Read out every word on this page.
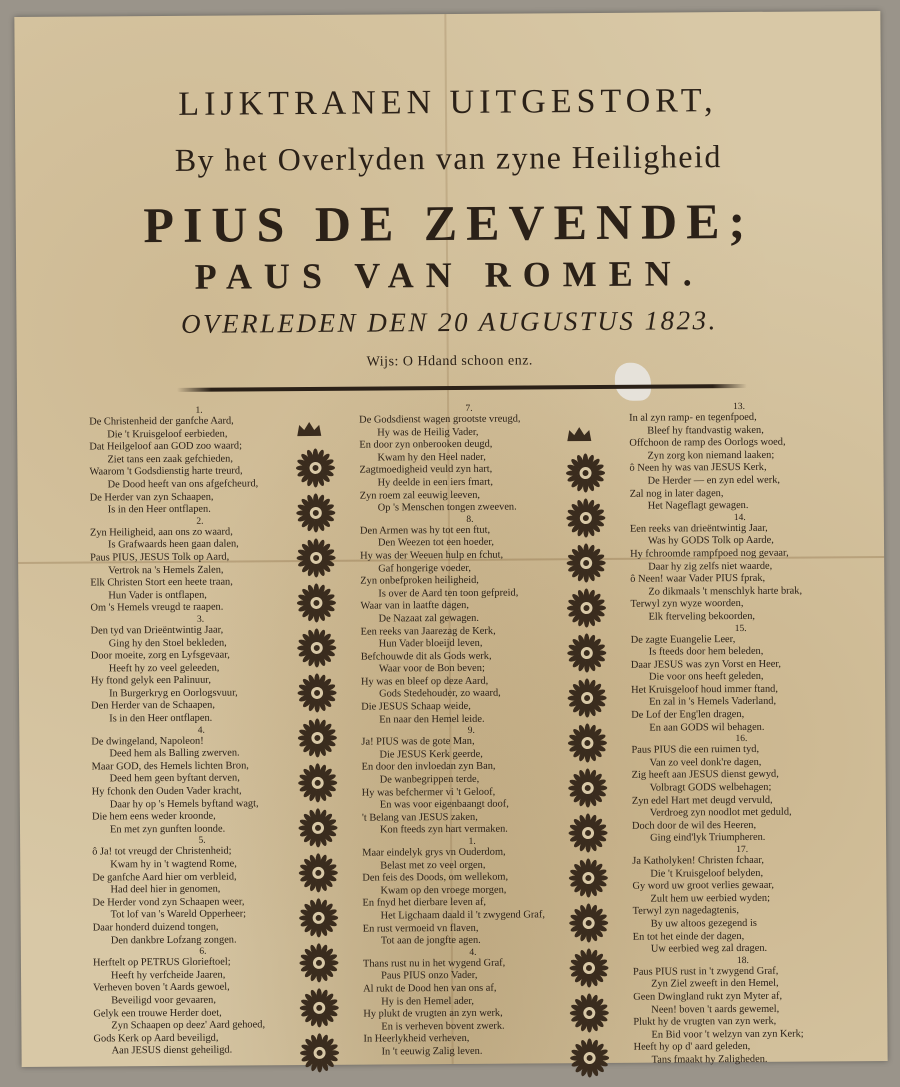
LIJKTRANEN UITGESTORT,
By het Overlyden van zyne Heiligheid
PIUS DE ZEVENDE;
PAUS VAN ROMEN.
OVERLEDEN DEN 20 AUGUSTUS 1823.
Wijs: O Hdand schoon enz.
1.
De Christenheid der ganfche Aard,
Die 't Kruisgeloof eerbieden,
Dat Heilgeloof aan GOD zoo waard;
Ziet tans een zaak gefchieden,
Waarom 't Godsdienstig harte treurd,
De Dood heeft van ons afgefcheurd,
De Herder van zyn Schaapen,
Is in den Heer ontflapen.
2.
Zyn Heiligheid, aan ons zo waard,
Is Grafwaards heen gaan dalen,
Paus PIUS, JESUS Tolk op Aard,
Vertrok na 's Hemels Zalen,
Elk Christen Stort een heete traan,
Hun Vader is ontflapen,
Om 's Hemels vreugd te raapen.
3.
Den tyd van Drieëntwintig Jaar,
Ging hy den Stoel bekleden,
Door moeite, zorg en Lyfsgevaar,
Heeft hy zo veel geleeden,
Hy ftond gelyk een Palinuur,
In Burgerkryg en Oorlogsvuur,
Den Herder van de Schaapen,
Is in den Heer ontflapen.
4.
De dwingeland, Napoleon!
Deed hem als Balling zwerven.
Maar GOD, des Hemels lichten Bron,
Deed hem geen byftant derven,
Hy fchonk den Ouden Vader kracht,
Daar hy op 's Hemels byftand wagt,
Die hem eens weder kroonde,
En met zyn gunften loonde.
5.
ô Ja! tot vreugd der Christenheid;
Kwam hy in 't wagtend Rome,
De ganfche Aard hier om verbleid,
Had deel hier in genomen,
De Herder vond zyn Schaapen weer,
Tot lof van 's Wareld Opperheer;
Daar honderd duizend tongen,
Den dankbre Lofzang zongen.
6.
Herftelt op PETRUS Glorieftoel;
Heeft hy verfcheide Jaaren,
Verheven boven 't Aards gewoel,
Beveiligd voor gevaaren,
Gelyk een trouwe Herder doet,
Zyn Schaapen op deez' Aard gehoed,
Gods Kerk op Aard beveiligd,
Aan JESUS dienst geheiligd.
7.
De Godsdienst wagen grootste vreugd,
Hy was de Heilig Vader,
En door zyn onberooken deugd,
Kwam hy den Heel nader,
Zagtmoedigheid veuld zyn hart,
Hy deelde in een iers fmart,
Zyn roem zal eeuwig leeven,
Op 's Menschen tongen zweeven.
8.
Den Armen was hy tot een ftut,
Den Weezen tot een hoeder,
Hy was der Weeuen hulp en fchut,
Gaf hongerige voeder,
Zyn onbefproken heiligheid,
Is over de Aard ten toon gefpreid,
Waar van in laatfte dagen,
De Nazaat zal gewagen.
Een reeks van Jaarezag de Kerk,
Hun Vader bloeijd leven,
Befchouwde dit als Gods werk,
Waar voor de Bon beven;
Hy was en bleef op deze Aard,
Gods Stedehouder, zo waard,
Die JESUS Schaap weide,
En naar den Hemel leide.
9.
Ja! PIUS was de gote Man,
Die JESUS Kerk geerde,
En door den invloedan zyn Ban,
De wanbegrippen terde,
Hy was befchermer vi 't Geloof,
En was voor eigenbaangt doof,
't Belang van JESUS zaken,
Kon fteeds zyn hart vermaken.
1.
Maar eindelyk grys vn Ouderdom,
Belast met zo veel orgen,
Den feis des Doods, om wellekom,
Kwam op den vroege morgen,
En fnyd het dierbare leven af,
Het Ligchaam daald il 't zwygend Graf,
En rust vermoeid vn flaven,
Tot aan de jongfte agen.
4.
Thans rust nu in het wygend Graf,
Paus PIUS onzo Vader,
Al rukt de Dood hen van ons af,
Hy is den Hemel ader,
Hy plukt de vrugten an zyn werk,
En is verheven bovent zwerk.
In Heerlykheid verheven,
In 't eeuwig Zalig leven.
13.
In al zyn ramp- en tegenfpoed,
Bleef hy ftandvastig waken,
Offchoon de ramp des Oorlogs woed,
Zyn zorg kon niemand laaken;
ô Neen hy was van JESUS Kerk,
De Herder — en zyn edel werk,
Zal nog in later dagen,
Het Nageflagt gewagen.
14.
Een reeks van drieëntwintig Jaar,
Was hy GODS Tolk op Aarde,
Hy fchroomde rampfpoed nog gevaar,
Daar hy zig zelfs niet waarde,
ô Neen! waar Vader PIUS fprak,
Zo dikmaals 't menschlyk harte brak,
Terwyl zyn wyze woorden,
Elk fterveling bekoorden,
15.
De zagte Euangelie Leer,
Is fteeds door hem beleden,
Daar JESUS was zyn Vorst en Heer,
Die voor ons heeft geleden,
Het Kruisgeloof houd immer ftand,
En zal in 's Hemels Vaderland,
De Lof der Eng'len dragen,
En aan GODS wil behagen.
16.
Paus PIUS die een ruimen tyd,
Van zo veel donk're dagen,
Zig heeft aan JESUS dienst gewyd,
Volbragt GODS welbehagen;
Zyn edel Hart met deugd vervuld,
Verdroeg zyn noodlot met geduld,
Doch door de wil des Heeren,
Ging eind'lyk Triumpheren.
17.
Ja Katholyken! Christen fchaar,
Die 't Kruisgeloof belyden,
Gy word uw groot verlies gewaar,
Zult hem uw eerbied wyden;
Terwyl zyn nagedagtenis,
By uw altoos gezegend is
En tot het einde der dagen,
Uw eerbied weg zal dragen.
18.
Paus PIUS rust in 't zwygend Graf,
Zyn Ziel zweeft in den Hemel,
Geen Dwingland rukt zyn Myter af,
Neen! boven 't aards gewemel,
Plukt hy de vrugten van zyn werk,
En Bid voor 't welzyn van zyn Kerk;
Heeft hy op d' aard geleden,
Tans fmaakt hy Zaligheden.
